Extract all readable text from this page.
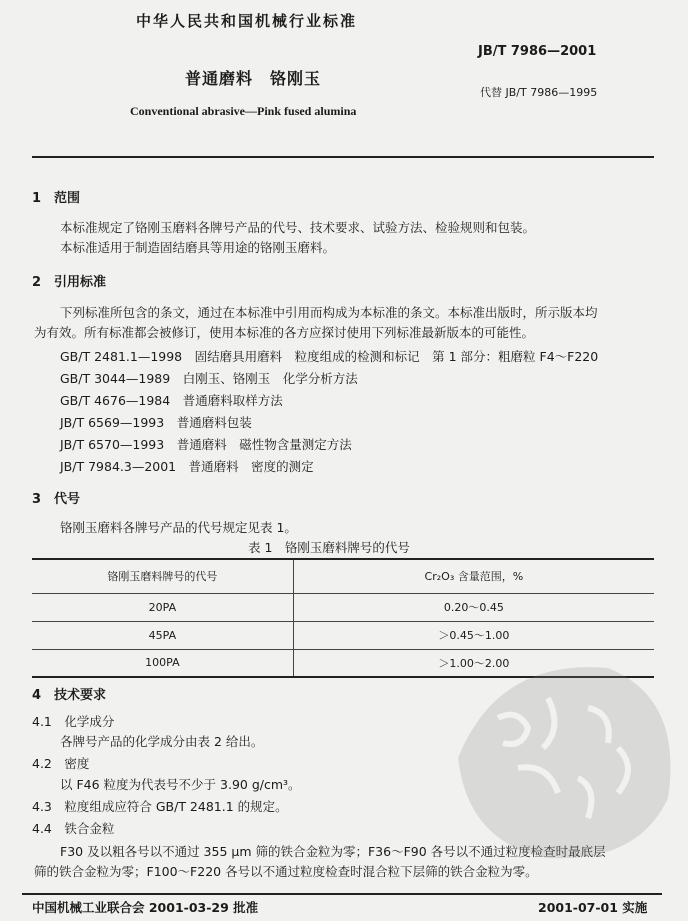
中华人民共和国机械行业标准
JB/T 7986—2001
普通磨料　铬刚玉
代替 JB/T 7986—1995
Conventional abrasive—Pink fused alumina
1　范围
本标准规定了铬刚玉磨料各牌号产品的代号、技术要求、试验方法、检验规则和包装。
本标准适用于制造固结磨具等用途的铬刚玉磨料。
2　引用标准
下列标准所包含的条文，通过在本标准中引用而构成为本标准的条文。本标准出版时，所示版本均
为有效。所有标准都会被修订，使用本标准的各方应探讨使用下列标准最新版本的可能性。
GB/T 2481.1—1998　固结磨具用磨料　粒度组成的检测和标记　第 1 部分：粗磨粒 F4～F220
GB/T 3044—1989　白刚玉、铬刚玉　化学分析方法
GB/T 4676—1984　普通磨料取样方法
JB/T 6569—1993　普通磨料包装
JB/T 6570—1993　普通磨料　磁性物含量测定方法
JB/T 7984.3—2001　普通磨料　密度的测定
3　代号
铬刚玉磨料各牌号产品的代号规定见表 1。
表 1　铬刚玉磨料牌号的代号
铬刚玉磨料牌号的代号	Cr₂O₃ 含量范围，%
20PA	0.20～0.45
45PA	＞0.45～1.00
100PA	＞1.00～2.00
4　技术要求
4.1　化学成分
各牌号产品的化学成分由表 2 给出。
4.2　密度
以 F46 粒度为代表号不少于 3.90 g/cm³。
4.3　粒度组成应符合 GB/T 2481.1 的规定。
4.4　铁合金粒
F30 及以粗各号以不通过 355 μm 筛的铁合金粒为零；F36～F90 各号以不通过粒度检查时最底层
筛的铁合金粒为零；F100～F220 各号以不通过粒度检查时混合粒下层筛的铁合金粒为零。
中国机械工业联合会 2001-03-29 批准	2001-07-01 实施
